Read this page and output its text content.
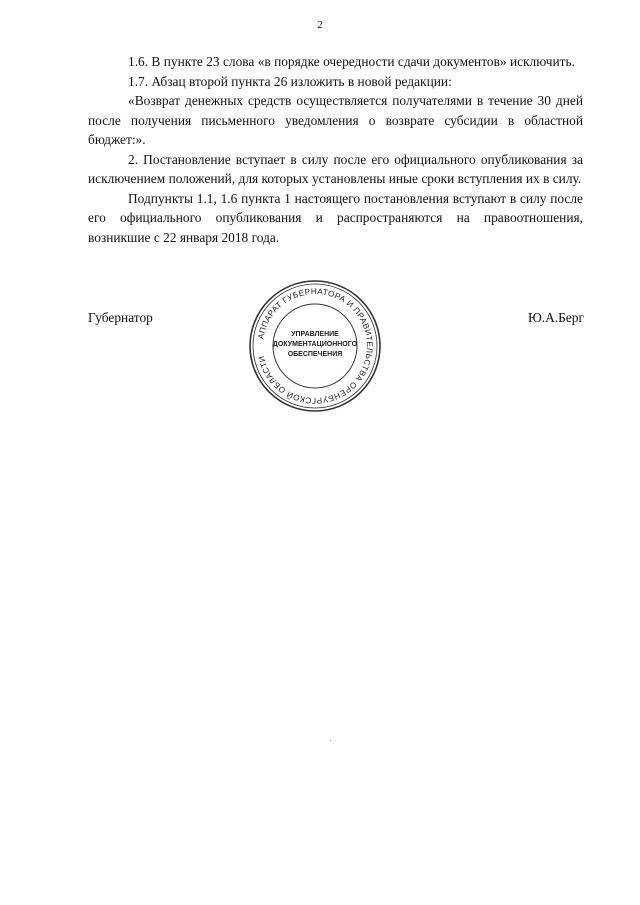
2

1.6. В пункте 23 слова «в порядке очередности сдачи документов» исключить.

1.7. Абзац второй пункта 26 изложить в новой редакции:

«Возврат денежных средств осуществляется получателями в течение 30 дней после получения письменного уведомления о возврате субсидии в областной бюджет:».

2. Постановление вступает в силу после его официального опубликования за исключением положений, для которых установлены иные сроки вступления их в силу.

Подпункты 1.1, 1.6 пункта 1 настоящего постановления вступают в силу после его официального опубликования и распространяются на правоотношения, возникшие с 22 января 2018 года.

Губернатор	Ю.А.Берг
АППАРАТ ГУБЕРНАТОРА И ПРАВИТЕЛЬСТВА ОРЕНБУРГСКОЙ ОБЛАСТИ
УПРАВЛЕНИЕ
ДОКУМЕНТАЦИОННОГО
ОБЕСПЕЧЕНИЯ
